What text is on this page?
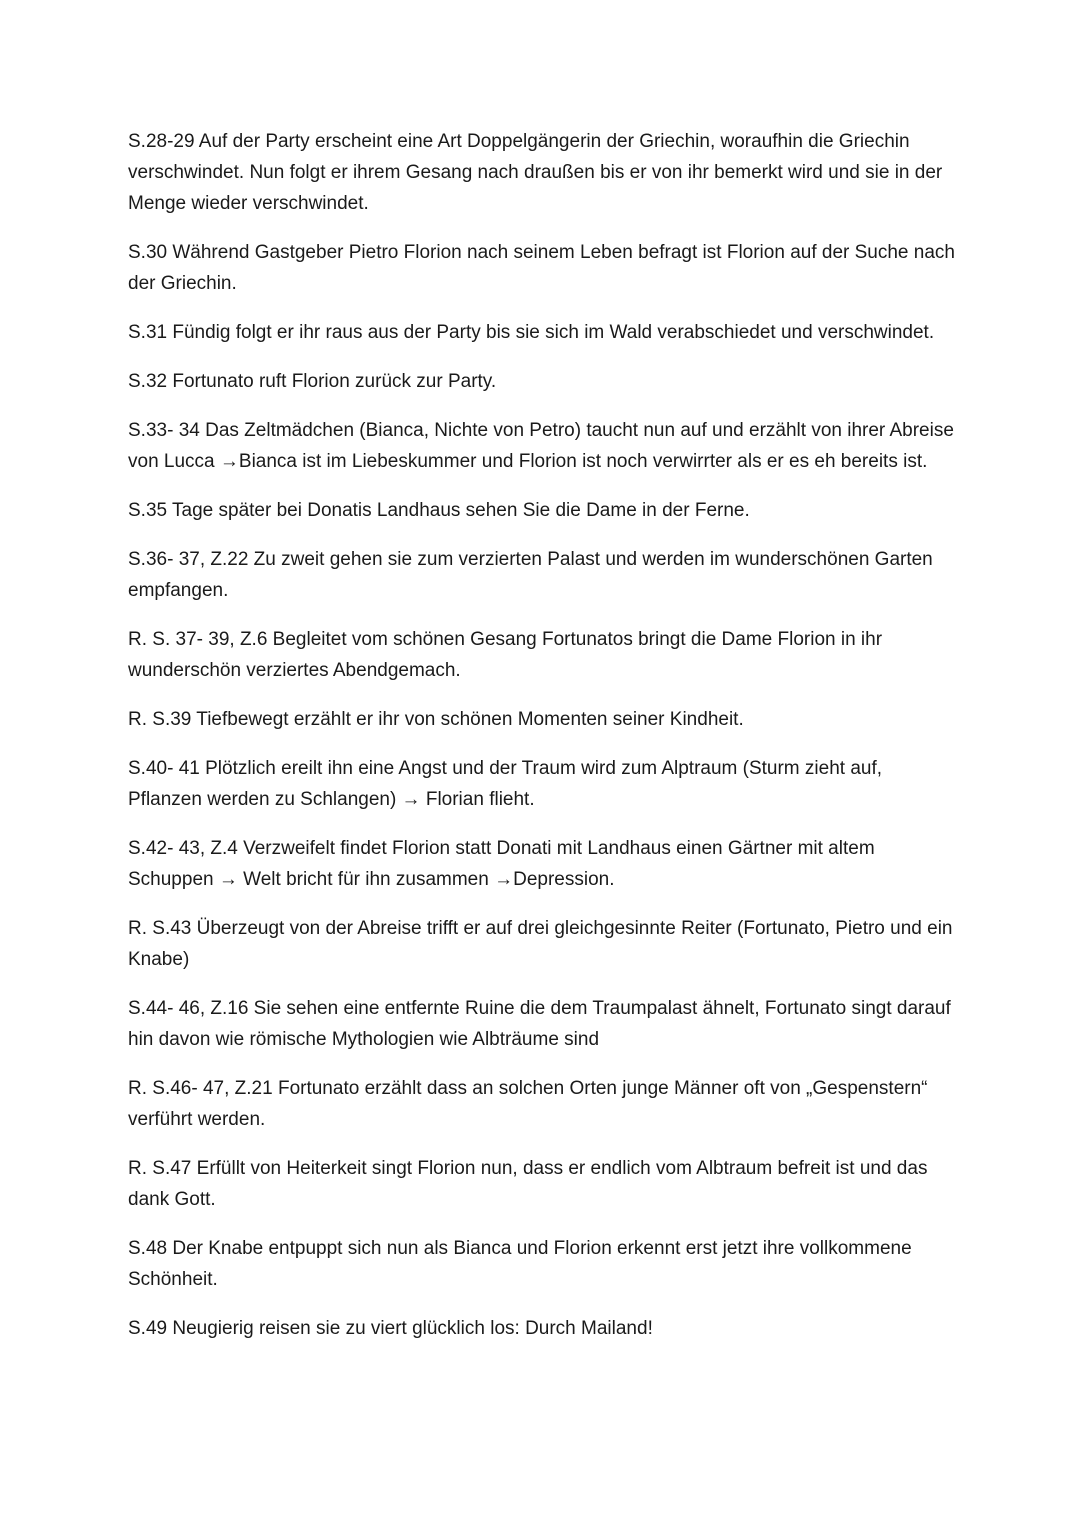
S.28-29 Auf der Party erscheint eine Art Doppelgängerin der Griechin, woraufhin die Griechin verschwindet. Nun folgt er ihrem Gesang nach draußen bis er von ihr bemerkt wird und sie in der Menge wieder verschwindet.

S.30 Während Gastgeber Pietro Florion nach seinem Leben befragt ist Florion auf der Suche nach der Griechin.

S.31 Fündig folgt er ihr raus aus der Party bis sie sich im Wald verabschiedet und verschwindet.

S.32 Fortunato ruft Florion zurück zur Party.

S.33- 34 Das Zeltmädchen (Bianca, Nichte von Petro) taucht nun auf und erzählt von ihrer Abreise von Lucca →Bianca ist im Liebeskummer und Florion ist noch verwirrter als er es eh bereits ist.

S.35 Tage später bei Donatis Landhaus sehen Sie die Dame in der Ferne.

S.36- 37, Z.22 Zu zweit gehen sie zum verzierten Palast und werden im wunderschönen Garten empfangen.

R. S. 37- 39, Z.6 Begleitet vom schönen Gesang Fortunatos bringt die Dame Florion in ihr wunderschön verziertes Abendgemach.

R. S.39 Tiefbewegt erzählt er ihr von schönen Momenten seiner Kindheit.

S.40- 41 Plötzlich ereilt ihn eine Angst und der Traum wird zum Alptraum (Sturm zieht auf, Pflanzen werden zu Schlangen) → Florian flieht.

S.42- 43, Z.4 Verzweifelt findet Florion statt Donati mit Landhaus einen Gärtner mit altem Schuppen → Welt bricht für ihn zusammen →Depression.

R. S.43 Überzeugt von der Abreise trifft er auf drei gleichgesinnte Reiter (Fortunato, Pietro und ein Knabe)

S.44- 46, Z.16 Sie sehen eine entfernte Ruine die dem Traumpalast ähnelt, Fortunato singt darauf hin davon wie römische Mythologien wie Albträume sind

R. S.46- 47, Z.21 Fortunato erzählt dass an solchen Orten junge Männer oft von „Gespenstern“ verführt werden.

R. S.47 Erfüllt von Heiterkeit singt Florion nun, dass er endlich vom Albtraum befreit ist und das dank Gott.

S.48 Der Knabe entpuppt sich nun als Bianca und Florion erkennt erst jetzt ihre vollkommene Schönheit.

S.49 Neugierig reisen sie zu viert glücklich los: Durch Mailand!
